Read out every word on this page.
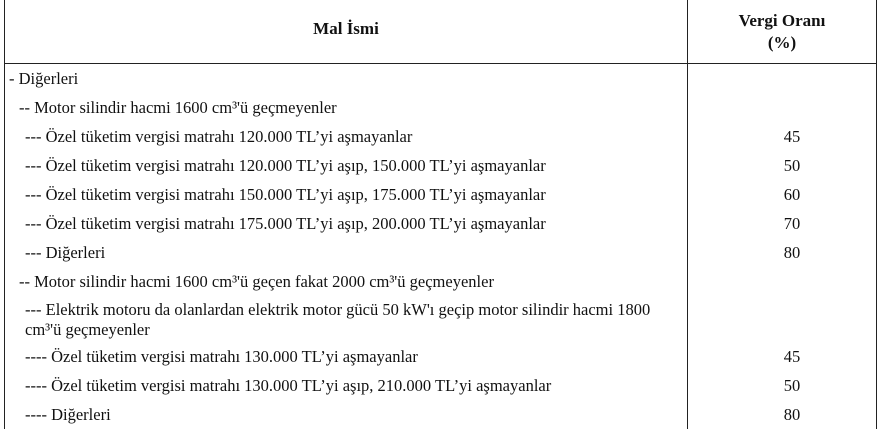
Mal İsmi	Vergi Oranı
(%)

- Diğerleri	

-- Motor silindir hacmi 1600 cm³'ü geçmeyenler	

--- Özel tüketim vergisi matrahı 120.000 TL’yi aşmayanlar	45

--- Özel tüketim vergisi matrahı 120.000 TL’yi aşıp, 150.000 TL’yi aşmayanlar	50

--- Özel tüketim vergisi matrahı 150.000 TL’yi aşıp, 175.000 TL’yi aşmayanlar	60

--- Özel tüketim vergisi matrahı 175.000 TL’yi aşıp, 200.000 TL’yi aşmayanlar	70

--- Diğerleri	80

-- Motor silindir hacmi 1600 cm³'ü geçen fakat 2000 cm³'ü geçmeyenler	

--- Elektrik motoru da olanlardan elektrik motor gücü 50 kW'ı geçip motor silindir hacmi 1800 cm³'ü geçmeyenler	

---- Özel tüketim vergisi matrahı 130.000 TL’yi aşmayanlar	45

---- Özel tüketim vergisi matrahı 130.000 TL’yi aşıp, 210.000 TL’yi aşmayanlar	50

---- Diğerleri	80
